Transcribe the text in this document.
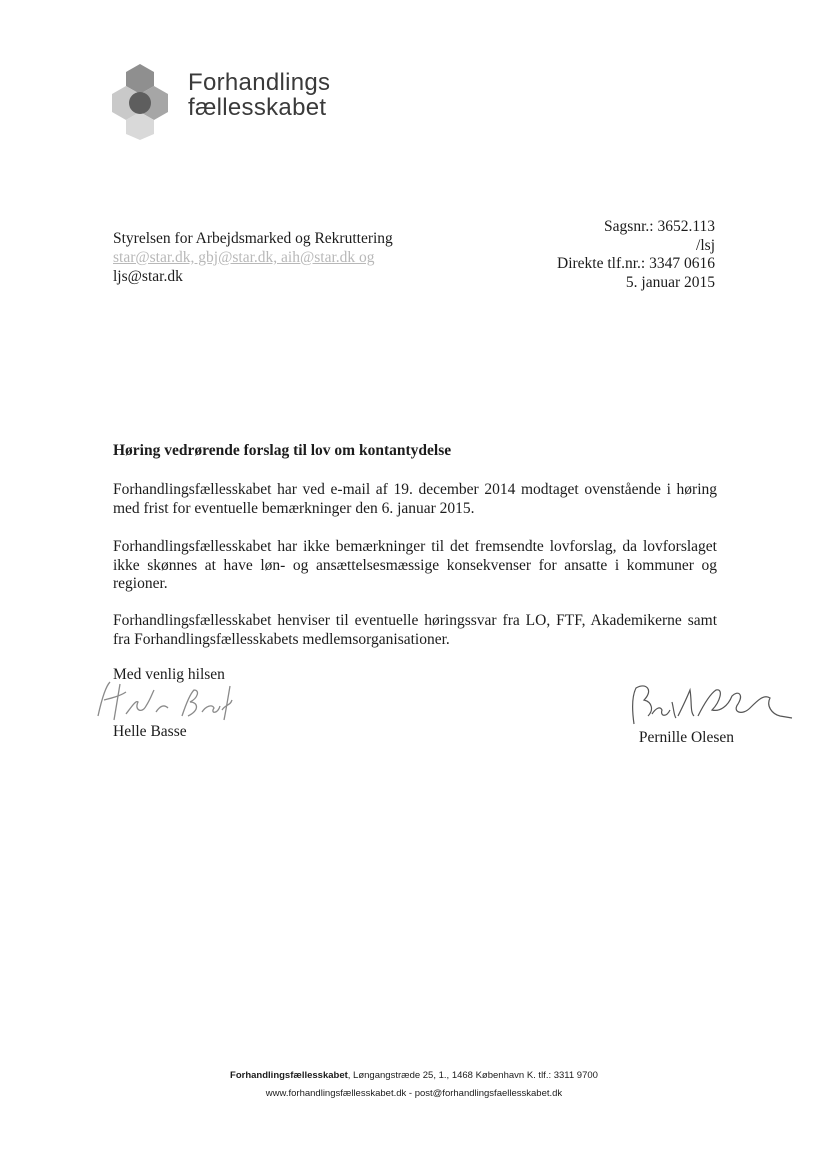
Forhandlings
fællesskabet
Styrelsen for Arbejdsmarked og Rekruttering
star@star.dk, gbj@star.dk, aih@star.dk og
ljs@star.dk
Sagsnr.: 3652.113
/lsj
Direkte tlf.nr.: 3347 0616
5. januar 2015
Høring vedrørende forslag til lov om kontantydelse
Forhandlingsfællesskabet har ved e-mail af 19. december 2014 modtaget ovenstående i høring med frist for eventuelle bemærkninger den 6. januar 2015.
Forhandlingsfællesskabet har ikke bemærkninger til det fremsendte lovforslag, da lovforslaget ikke skønnes at have løn- og ansættelsesmæssige konsekvenser for ansatte i kommuner og regioner.
Forhandlingsfællesskabet henviser til eventuelle høringssvar fra LO, FTF, Akademikerne samt fra Forhandlingsfællesskabets medlemsorganisationer.
Med venlig hilsen
Helle Basse	Pernille Olesen
Forhandlingsfællesskabet, Løngangstræde 25, 1., 1468 København K. tlf.: 3311 9700
www.forhandlingsfællesskabet.dk - post@forhandlingsfaellesskabet.dk
